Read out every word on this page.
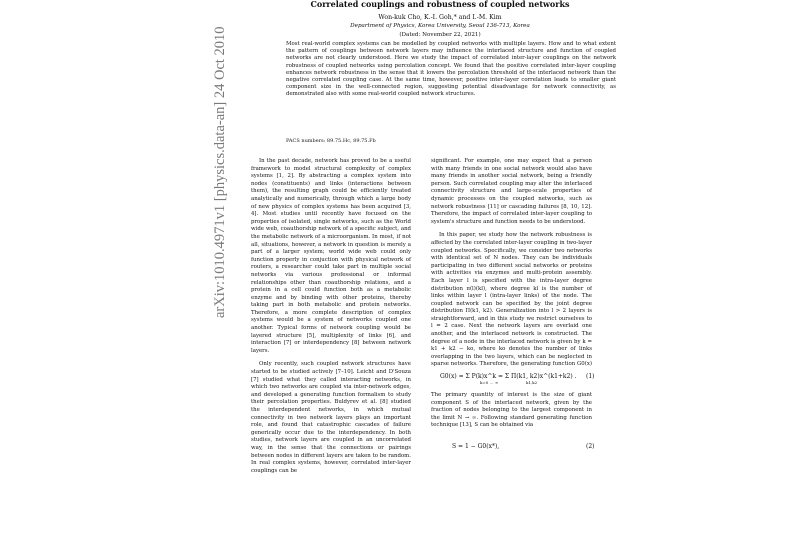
Correlated couplings and robustness of coupled networks
Won-kuk Cho, K.-I. Goh,* and I.-M. Kim
Department of Physics, Korea University, Seoul 136-713, Korea
(Dated: November 22, 2021)
Most real-world complex systems can be modelled by coupled networks with multiple layers. How and to what extent the pattern of couplings between network layers may influence the interlaced structure and function of coupled networks are not clearly understood. Here we study the impact of correlated inter-layer couplings on the network robustness of coupled networks using percolation concept. We found that the positive correlated inter-layer coupling enhances network robustness in the sense that it lowers the percolation threshold of the interlaced network than the negative correlated coupling case. At the same time, however, positive inter-layer correlation leads to smaller giant component size in the well-connected region, suggesting potential disadvantage for network connectivity, as demonstrated also with some real-world coupled network structures.
PACS numbers: 89.75.Hc, 89.75.Fb
arXiv:1010.4971v1 [physics.data-an] 24 Oct 2010	In the past decade, network has proved to be a useful framework to model structural complexity of complex systems [1, 2]. By abstracting a complex system into nodes (constituents) and links (interactions between them), the resulting graph could be efficiently treated analytically and numerically, through which a large body of new physics of complex systems has been acquired [3, 4]. Most studies until recently have focused on the properties of isolated, single networks, such as the World wide web, coauthorship network of a specific subject, and the metabolic network of a microorganism. In most, if not all, situations, however, a network in question is merely a part of a larger system; world wide web could only function properly in conjuction with physical network of routers, a researcher could take part in multiple social networks via various professional or informal relationships other than coauthorship relations, and a protein in a cell could function both as a metabolic enzyme and by binding with other proteins, thereby taking part in both metabolic and protein networks. Therefore, a more complete description of complex systems would be a system of networks coupled one another. Typical forms of network coupling would be layered structure [5], multiplexity of links [6], and interaction [7] or interdependency [8] between network layers.

Only recently, such coupled network structures have started to be studied actively [7–10]. Leicht and D'Souza [7] studied what they called interacting networks, in which two networks are coupled via inter-network edges, and developed a generating function formalism to study their percolation properties. Buldyrev et al. [8] studied the interdependent networks, in which mutual connectivity in two network layers plays an important role, and found that catastrophic cascades of failure generically occur due to the interdependency. In both studies, network layers are coupled in an uncorrelated way, in the sense that the connections or pairings between nodes in different layers are taken to be random. In real complex systems, however, correlated inter-layer couplings can be

significant. For example, one may expect that a person with many friends in one social network would also have many friends in another social network, being a friendly person. Such correlated coupling may alter the interlaced connectivity structure and large-scale properties of dynamic processes on the coupled networks, such as network robustness [11] or cascading failures [8, 10, 12]. Therefore, the impact of correlated inter-layer coupling to system's structure and function needs to be understood.

In this paper, we study how the network robustness is affected by the correlated inter-layer coupling in two-layer coupled networks. Specifically, we consider two networks with identical set of N nodes. They can be individuals participating in two different social networks or proteins with activities via enzymes and multi-protein assembly. Each layer l is specified with the intra-layer degree distribution π(l)(kl), where degree kl is the number of links within layer l (intra-layer links) of the node. The coupled network can be specified by the joint degree distribution Π(k1, k2). Generalization into l > 2 layers is straightforward, and in this study we restrict ourselves to l = 2 case. Next the network layers are overlaid one another, and the interlaced network is constructed. The degree of a node in the interlaced network is given by k = k1 + k2 − ko, where ko denotes the number of links overlapping in the two layers, which can be neglected in sparse networks. Therefore, the generating function G0(x)

G0(x) = Σ P(k)x^k = Σ Π(k1, k2)x^(k1+k2) . (1)
k=0 … ∞	k1,k2
The primary quantity of interest is the size of giant component S of the interlaced network, given by the fraction of nodes belonging to the largest component in the limit N → ∞. Following standard generating function technique [13], S can be obtained via
S = 1 − G0(x*),	(2)
